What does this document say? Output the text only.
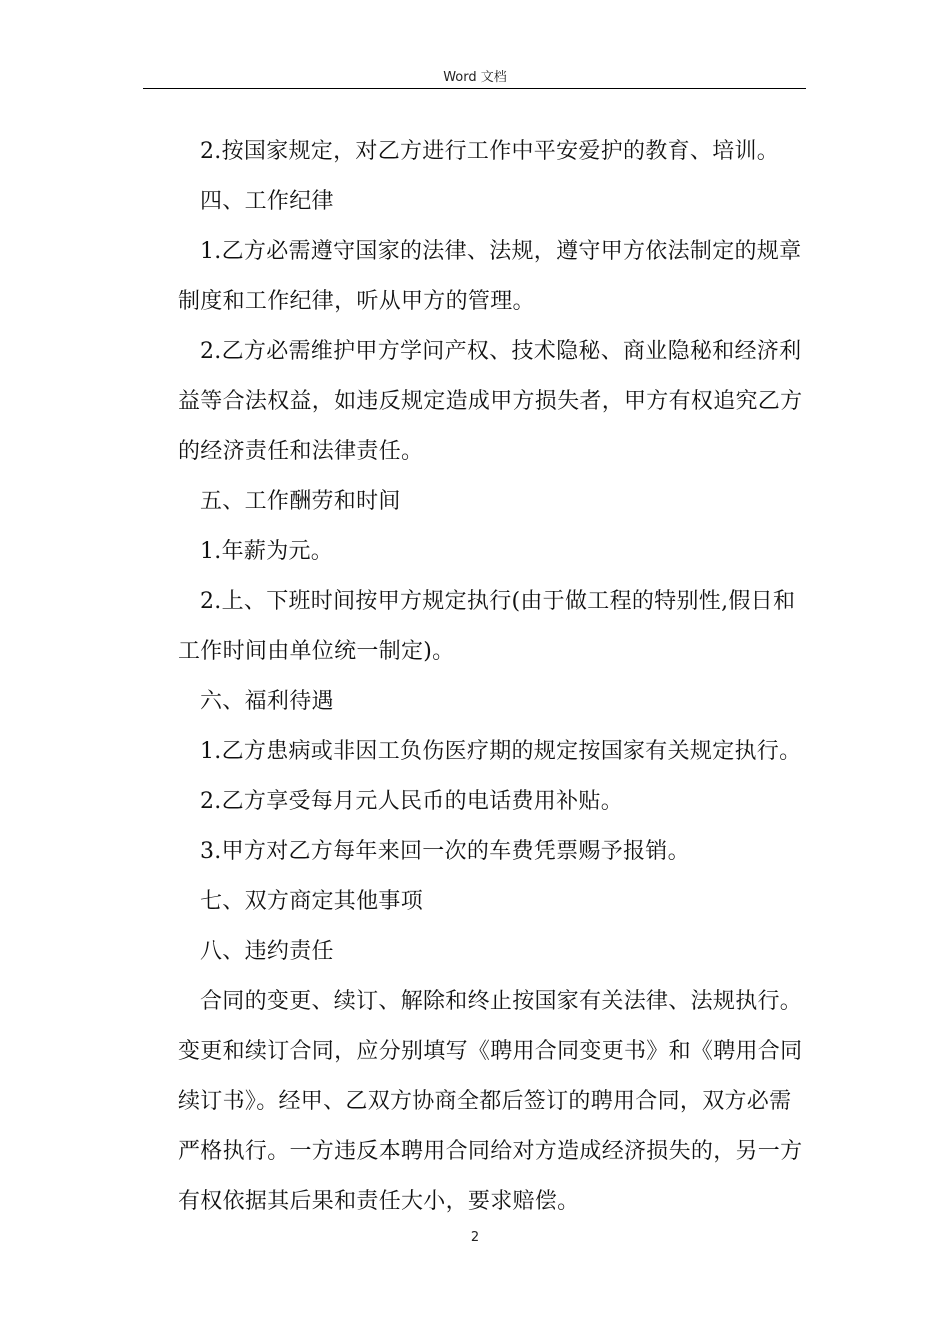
Word 文档

2.按国家规定，对乙方进行工作中平安爱护的教育、培训。

四、工作纪律

1.乙方必需遵守国家的法律、法规，遵守甲方依法制定的规章制度和工作纪律，听从甲方的管理。

2.乙方必需维护甲方学问产权、技术隐秘、商业隐秘和经济利益等合法权益，如违反规定造成甲方损失者，甲方有权追究乙方的经济责任和法律责任。

五、工作酬劳和时间

1.年薪为元。

2.上、下班时间按甲方规定执行(由于做工程的特别性,假日和工作时间由单位统一制定)。

六、福利待遇

1.乙方患病或非因工负伤医疗期的规定按国家有关规定执行。

2.乙方享受每月元人民币的电话费用补贴。

3.甲方对乙方每年来回一次的车费凭票赐予报销。

七、双方商定其他事项

八、违约责任

合同的变更、续订、解除和终止按国家有关法律、法规执行。变更和续订合同，应分别填写《聘用合同变更书》和《聘用合同续订书》。经甲、乙双方协商全都后签订的聘用合同，双方必需严格执行。一方违反本聘用合同给对方造成经济损失的，另一方有权依据其后果和责任大小，要求赔偿。

2
